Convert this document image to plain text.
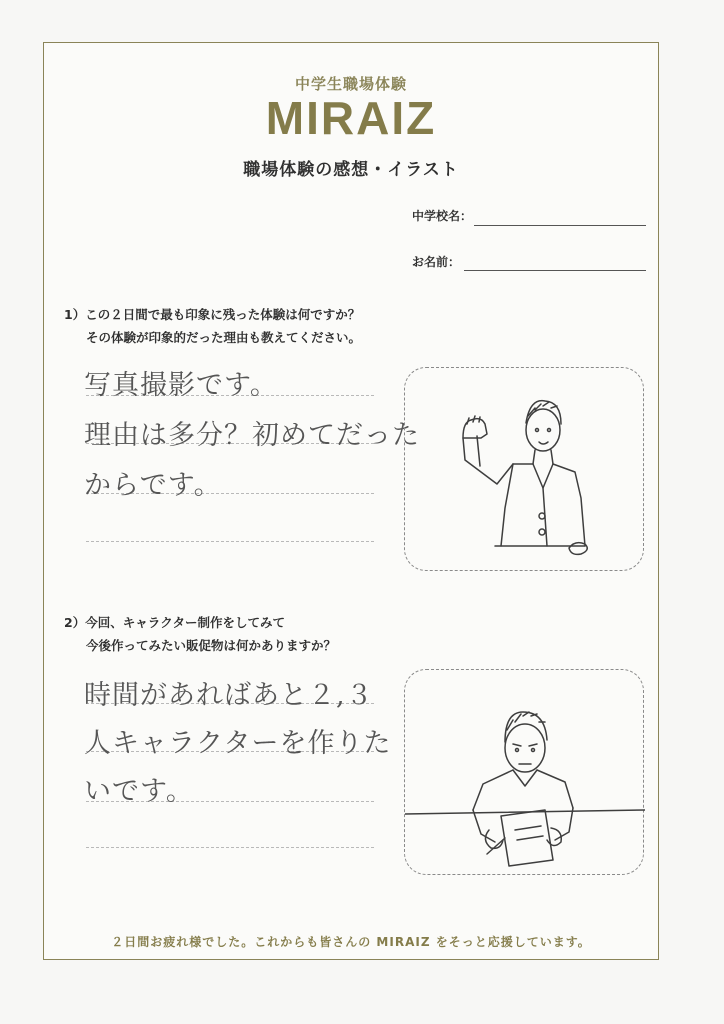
中学生職場体験
MIRAIZ
職場体験の感想・イラスト
中学校名：
お名前：
1）この２日間で最も印象に残った体験は何ですか？
その体験が印象的だった理由も教えてください。
写真撮影です。
理由は多分？初めてだった
からです。
2）今回、キャラクター制作をしてみて
今後作ってみたい販促物は何かありますか？
時間があればあと２,３
人キャラクターを作りた
いです。
２日間お疲れ様でした。これからも皆さんの MIRAIZ をそっと応援しています。
